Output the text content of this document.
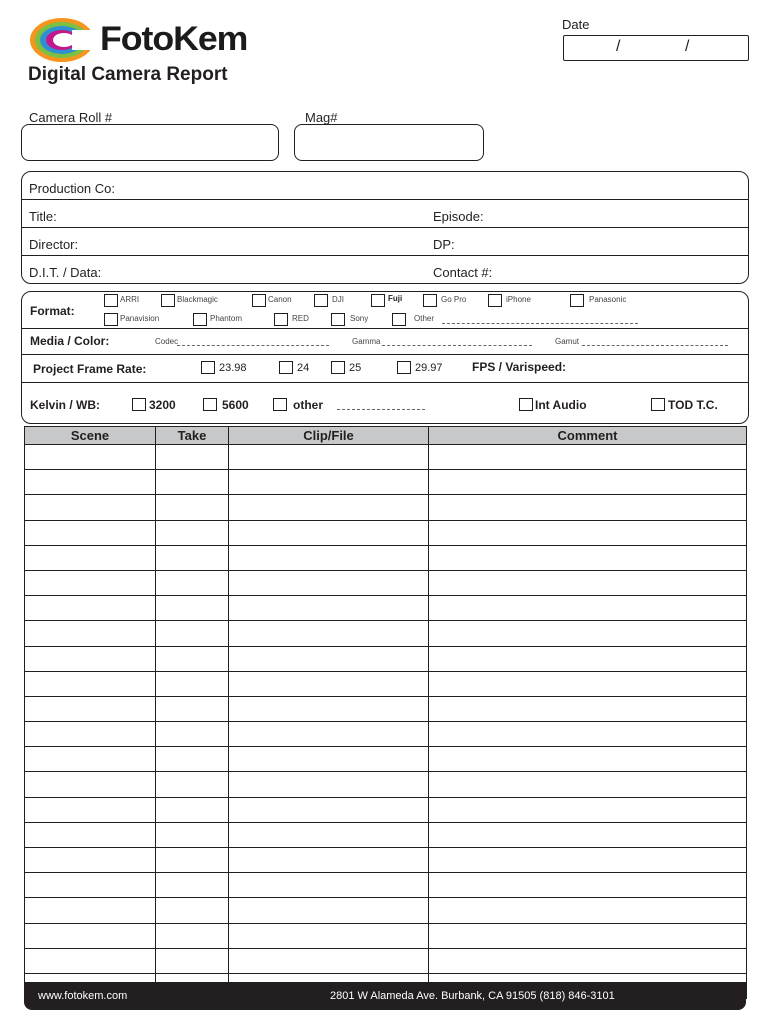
FotoKem	Date
/	/
Digital Camera Report
Camera Roll #	Mag#
Production Co:
Title:	Episode:
Director:	DP:
D.I.T. / Data:	Contact #:
Format:
ARRI	Blackmagic	Canon	DJI	Fuji	Go Pro	iPhone	Panasonic
Panavision	Phantom	RED	Sony	Other
Media / Color:	Codec	Gamma	Gamut
Project Frame Rate:	23.98	24	25	29.97 FPS / Varispeed:
Kelvin / WB:	3200	5600	other	Int Audio	TOD T.C.
Scene	Take	Clip/File	Comment

www.fotokem.com	2801 W Alameda Ave. Burbank, CA 91505 (818) 846-3101
